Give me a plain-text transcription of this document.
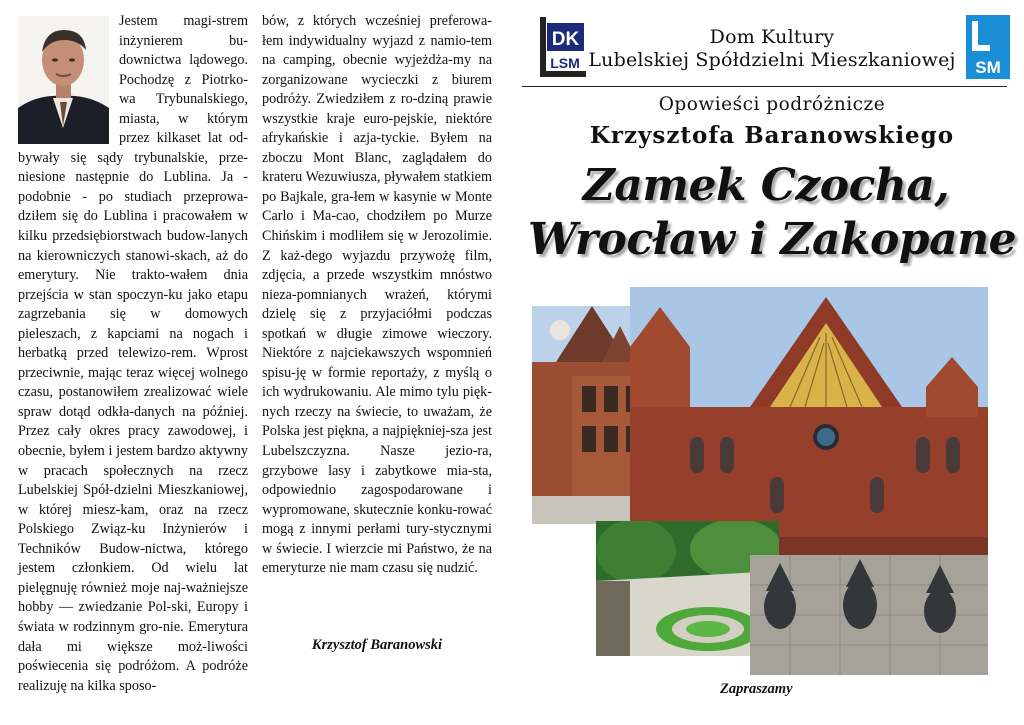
Jestem magi-strem inżynierem bu-downictwa lądowego. Pochodzę z Piotrko-wa Trybunalskiego, miasta, w którym przez kilkaset lat od-bywały się sądy trybunalskie, prze-niesione następnie do Lublina. Ja - podobnie - po studiach przeprowa-dziłem się do Lublina i pracowałem w kilku przedsiębiorstwach budow-lanych na kierowniczych stanowi-skach, aż do emerytury. Nie trakto-wałem dnia przejścia w stan spoczyn-ku jako etapu zagrzebania się w domowych pieleszach, z kapciami na nogach i herbatką przed telewizo-rem. Wprost przeciwnie, mając teraz więcej wolnego czasu, postanowiłem zrealizować wiele spraw dotąd odkła-danych na później. Przez cały okres pracy zawodowej, i obecnie, byłem i jestem bardzo aktywny w pracach społecznych na rzecz Lubelskiej Spół-dzielni Mieszkaniowej, w której miesz-kam, oraz na rzecz Polskiego Związ-ku Inżynierów i Techników Budow-nictwa, którego jestem członkiem. Od wielu lat pielęgnuję również moje naj-ważniejsze hobby — zwiedzanie Pol-ski, Europy i świata w rodzinnym gro-nie. Emerytura dała mi większe moż-liwości poświecenia się podróżom. A podróże realizuję na kilka sposo-

bów, z których wcześniej preferowa-łem indywidualny wyjazd z namio-tem na camping, obecnie wyjeżdża-my na zorganizowane wycieczki z biurem podróży. Zwiedziłem z ro-dziną prawie wszystkie kraje euro-pejskie, niektóre afrykańskie i azja-tyckie. Byłem na zboczu Mont Blanc, zaglądałem do krateru Wezuwiusza, pływałem statkiem po Bajkale, gra-łem w kasynie w Monte Carlo i Ma-cao, chodziłem po Murze Chińskim i modliłem się w Jerozolimie. Z każ-dego wyjazdu przywożę film, zdjęcia, a przede wszystkim mnóstwo nieza-pomnianych wrażeń, którymi dzielę się z przyjaciółmi podczas spotkań w długie zimowe wieczory. Niektóre z najciekawszych wspomnień spisu-ję w formie reportaży, z myślą o ich wydrukowaniu. Ale mimo tylu pięk-nych rzeczy na świecie, to uważam, że Polska jest piękna, a najpiękniej-sza jest Lubelszczyzna. Nasze jezio-ra, grzybowe lasy i zabytkowe mia-sta, odpowiednio zagospodarowane i wypromowane, skutecznie konku-rować mogą z innymi perłami tury-stycznymi w świecie. I wierzcie mi Państwo, że na emeryturze nie mam czasu się nudzić.

Krzysztof Baranowski
DK
LSM
Dom Kultury
Lubelskiej Spółdzielni Mieszkaniowej	SM
Opowieści podróżnicze
Krzysztofa Baranowskiego
Zamek Czocha,
Wrocław i Zakopane
Zapraszamy
